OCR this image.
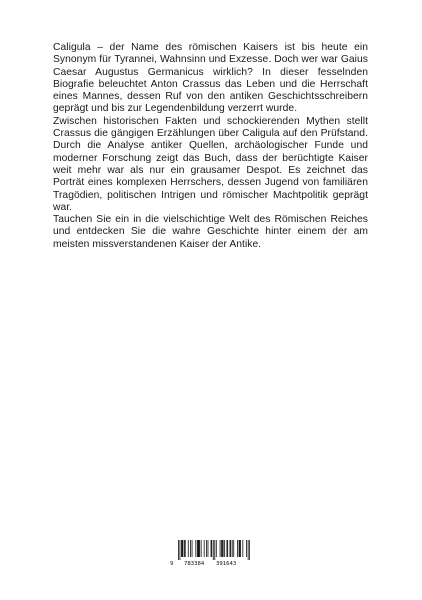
Caligula – der Name des römischen Kaisers ist bis heute ein Synonym für Tyrannei, Wahnsinn und Exzesse. Doch wer war Gaius Caesar Augustus Germanicus wirklich? In dieser fesselnden Biografie beleuchtet Anton Crassus das Leben und die Herrschaft eines Mannes, dessen Ruf von den antiken Geschichtsschreibern geprägt und bis zur Legendenbildung verzerrt wurde.

Zwischen historischen Fakten und schockierenden Mythen stellt Crassus die gängigen Erzählungen über Caligula auf den Prüfstand. Durch die Analyse antiker Quellen, archäologischer Funde und moderner Forschung zeigt das Buch, dass der berüchtigte Kaiser weit mehr war als nur ein grausamer Despot. Es zeichnet das Porträt eines komplexen Herrschers, dessen Jugend von familiären Tragödien, politischen Intrigen und römischer Machtpolitik geprägt war.

Tauchen Sie ein in die vielschichtige Welt des Römischen Reiches und entdecken Sie die wahre Geschichte hinter einem der am meisten missverstandenen Kaiser der Antike.

9 783384 391643
